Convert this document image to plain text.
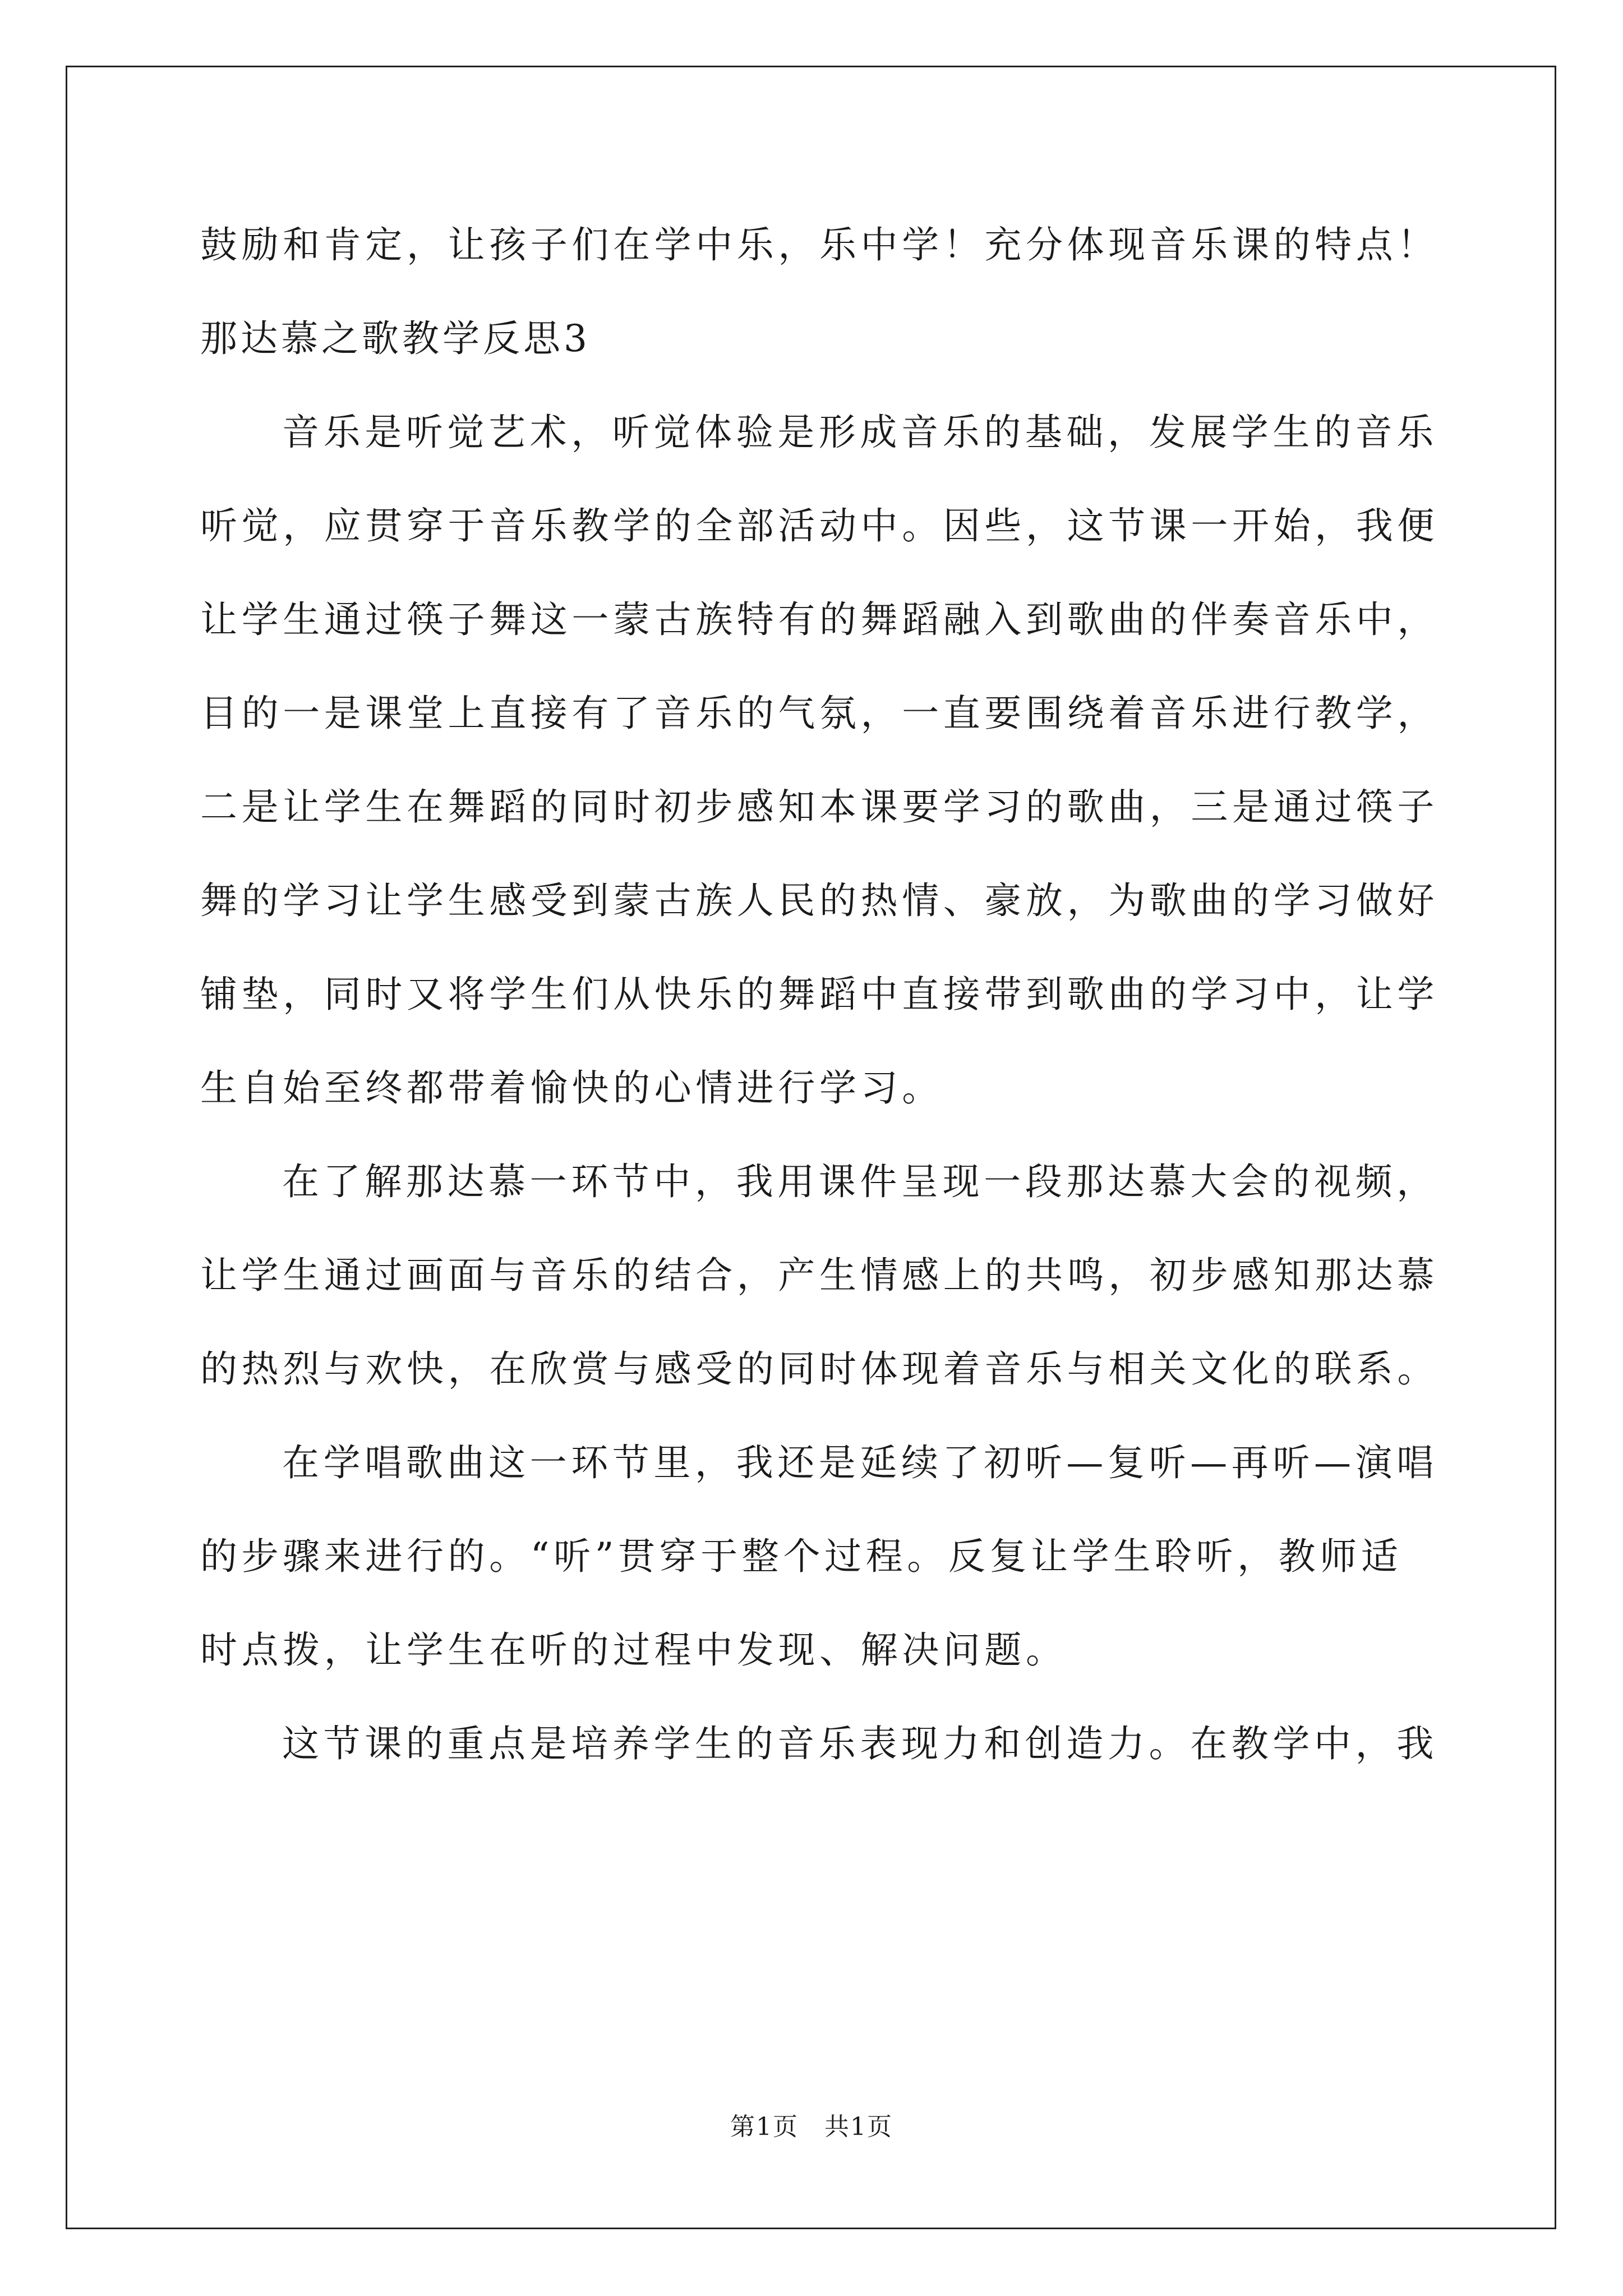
鼓励和肯定，让孩子们在学中乐，乐中学！充分体现音乐课的特点！
那达慕之歌教学反思3
音乐是听觉艺术，听觉体验是形成音乐的基础，发展学生的音乐
听觉，应贯穿于音乐教学的全部活动中。因些，这节课一开始，我便
让学生通过筷子舞这一蒙古族特有的舞蹈融入到歌曲的伴奏音乐中，
目的一是课堂上直接有了音乐的气氛，一直要围绕着音乐进行教学，
二是让学生在舞蹈的同时初步感知本课要学习的歌曲，三是通过筷子
舞的学习让学生感受到蒙古族人民的热情、豪放，为歌曲的学习做好
铺垫，同时又将学生们从快乐的舞蹈中直接带到歌曲的学习中，让学
生自始至终都带着愉快的心情进行学习。
在了解那达慕一环节中，我用课件呈现一段那达慕大会的视频，
让学生通过画面与音乐的结合，产生情感上的共鸣，初步感知那达慕
的热烈与欢快，在欣赏与感受的同时体现着音乐与相关文化的联系。
在学唱歌曲这一环节里，我还是延续了初听—复听—再听—演唱
的步骤来进行的。“听”贯穿于整个过程。反复让学生聆听，教师适
时点拨，让学生在听的过程中发现、解决问题。
这节课的重点是培养学生的音乐表现力和创造力。在教学中，我
第1页　共1页
